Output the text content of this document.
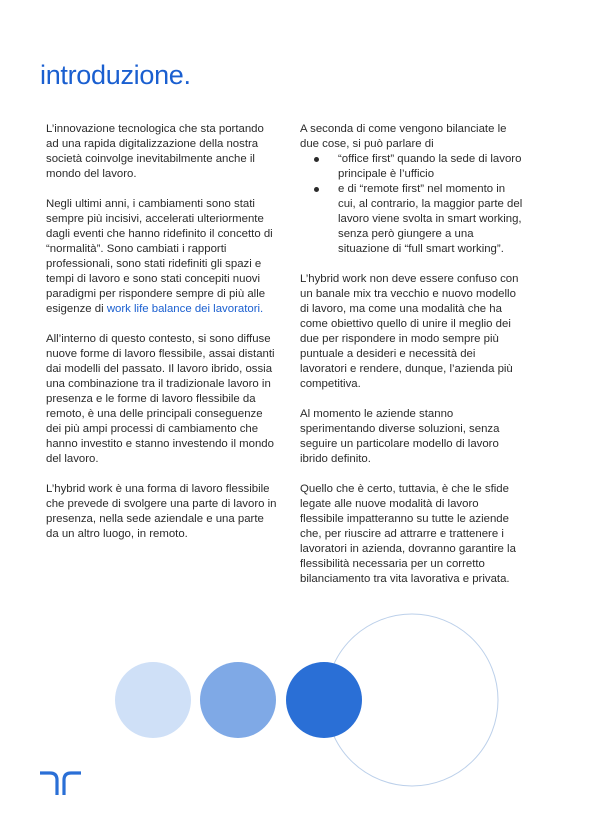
introduzione.

L’innovazione tecnologica che sta portando ad una rapida digitalizzazione della nostra società coinvolge inevitabilmente anche il mondo del lavoro.

Negli ultimi anni, i cambiamenti sono stati sempre più incisivi, accelerati ulteriormente dagli eventi che hanno ridefinito il concetto di “normalità”. Sono cambiati i rapporti professionali, sono stati ridefiniti gli spazi e tempi di lavoro e sono stati concepiti nuovi paradigmi per rispondere sempre di più alle esigenze di work life balance dei lavoratori.

All’interno di questo contesto, si sono diffuse nuove forme di lavoro flessibile, assai distanti dai modelli del passato. Il lavoro ibrido, ossia una combinazione tra il tradizionale lavoro in presenza e le forme di lavoro flessibile da remoto, è una delle principali conseguenze dei più ampi processi di cambiamento che hanno investito e stanno investendo il mondo del lavoro.

L’hybrid work è una forma di lavoro flessibile che prevede di svolgere una parte di lavoro in presenza, nella sede aziendale e una parte da un altro luogo, in remoto.

A seconda di come vengono bilanciate le due cose, si può parlare di

“office first” quando la sede di lavoro principale è l’ufficio
e di “remote first” nel momento in cui, al contrario, la maggior parte del lavoro viene svolta in smart working, senza però giungere a una situazione di “full smart working”.

L’hybrid work non deve essere confuso con un banale mix tra vecchio e nuovo modello di lavoro, ma come una modalità che ha come obiettivo quello di unire il meglio dei due per rispondere in modo sempre più puntuale a desideri e necessità dei lavoratori e rendere, dunque, l’azienda più competitiva.

Al momento le aziende stanno sperimentando diverse soluzioni, senza seguire un particolare modello di lavoro ibrido definito.

Quello che è certo, tuttavia, è che le sfide legate alle nuove modalità di lavoro flessibile impatteranno su tutte le aziende che, per riuscire ad attrarre e trattenere i lavoratori in azienda, dovranno garantire la flessibilità necessaria per un corretto bilanciamento tra vita lavorativa e privata.
